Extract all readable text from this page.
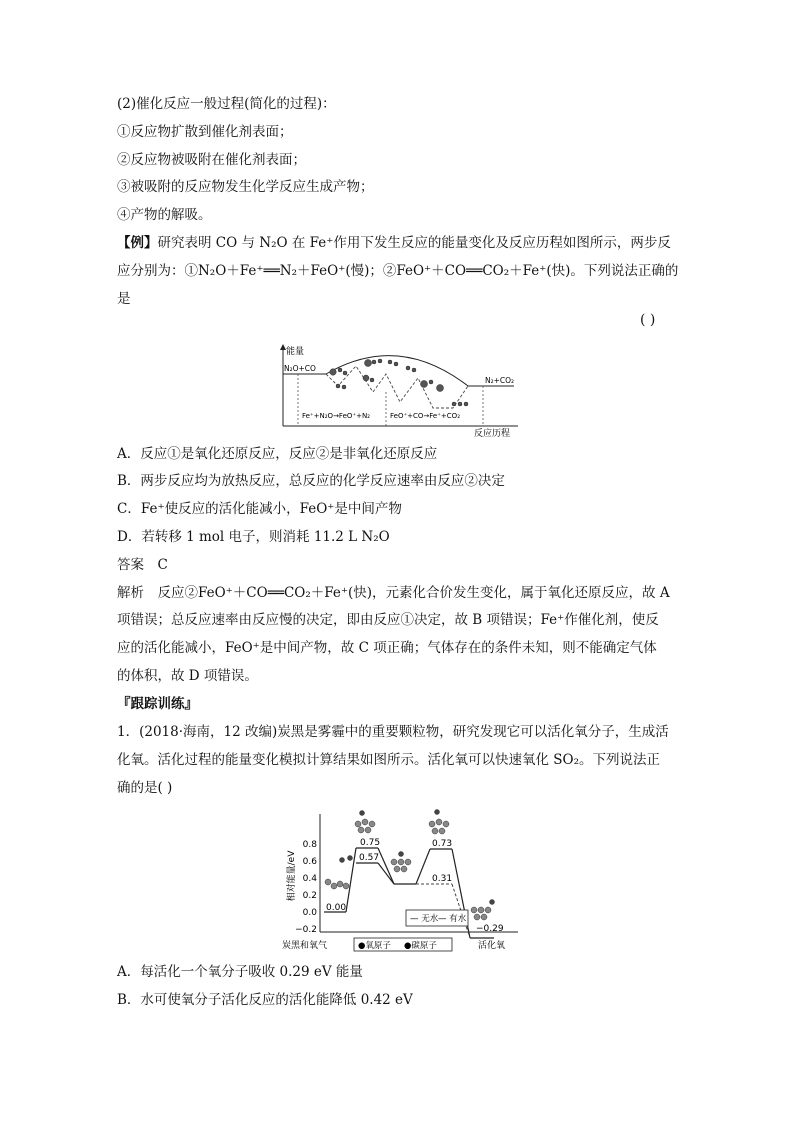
(2)催化反应一般过程(简化的过程)：
①反应物扩散到催化剂表面；
②反应物被吸附在催化剂表面；
③被吸附的反应物发生化学反应生成产物；
④产物的解吸。
【例】研究表明 CO 与 N₂O 在 Fe⁺作用下发生反应的能量变化及反应历程如图所示，两步反
应分别为：①N₂O＋Fe⁺══N₂＋FeO⁺(慢)；②FeO⁺＋CO══CO₂＋Fe⁺(快)。下列说法正确的
是
( )
能量
反应历程
N₂O+CO
N₂+CO₂
Fe⁺+N₂O→FeO⁺+N₂	FeO⁺+CO→Fe⁺+CO₂
A．反应①是氧化还原反应，反应②是非氧化还原反应
B．两步反应均为放热反应，总反应的化学反应速率由反应②决定
C．Fe⁺使反应的活化能减小，FeO⁺是中间产物
D．若转移 1 mol 电子，则消耗 11.2 L N₂O
答案　C
解析　反应②FeO⁺＋CO══CO₂＋Fe⁺(快)，元素化合价发生变化，属于氧化还原反应，故 A
项错误；总反应速率由反应慢的决定，即由反应①决定，故 B 项错误；Fe⁺作催化剂，使反
应的活化能减小，FeO⁺是中间产物，故 C 项正确；气体存在的条件未知，则不能确定气体
的体积，故 D 项错误。
『跟踪训练』
1．(2018·海南，12 改编)炭黑是雾霾中的重要颗粒物，研究发现它可以活化氧分子，生成活
化氧。活化过程的能量变化模拟计算结果如图所示。活化氧可以快速氧化 SO₂。下列说法正
确的是( )
相对能量/eV
0.8
0.6
0.4
0.2
0.0
−0.2
0.75
0.57
0.73
0.31
0.00
−0.29
— 无水 — 有水
炭黑和氧气	●氧原子 ●碳原子	活化氧
A．每活化一个氧分子吸收 0.29 eV 能量
B．水可使氧分子活化反应的活化能降低 0.42 eV
